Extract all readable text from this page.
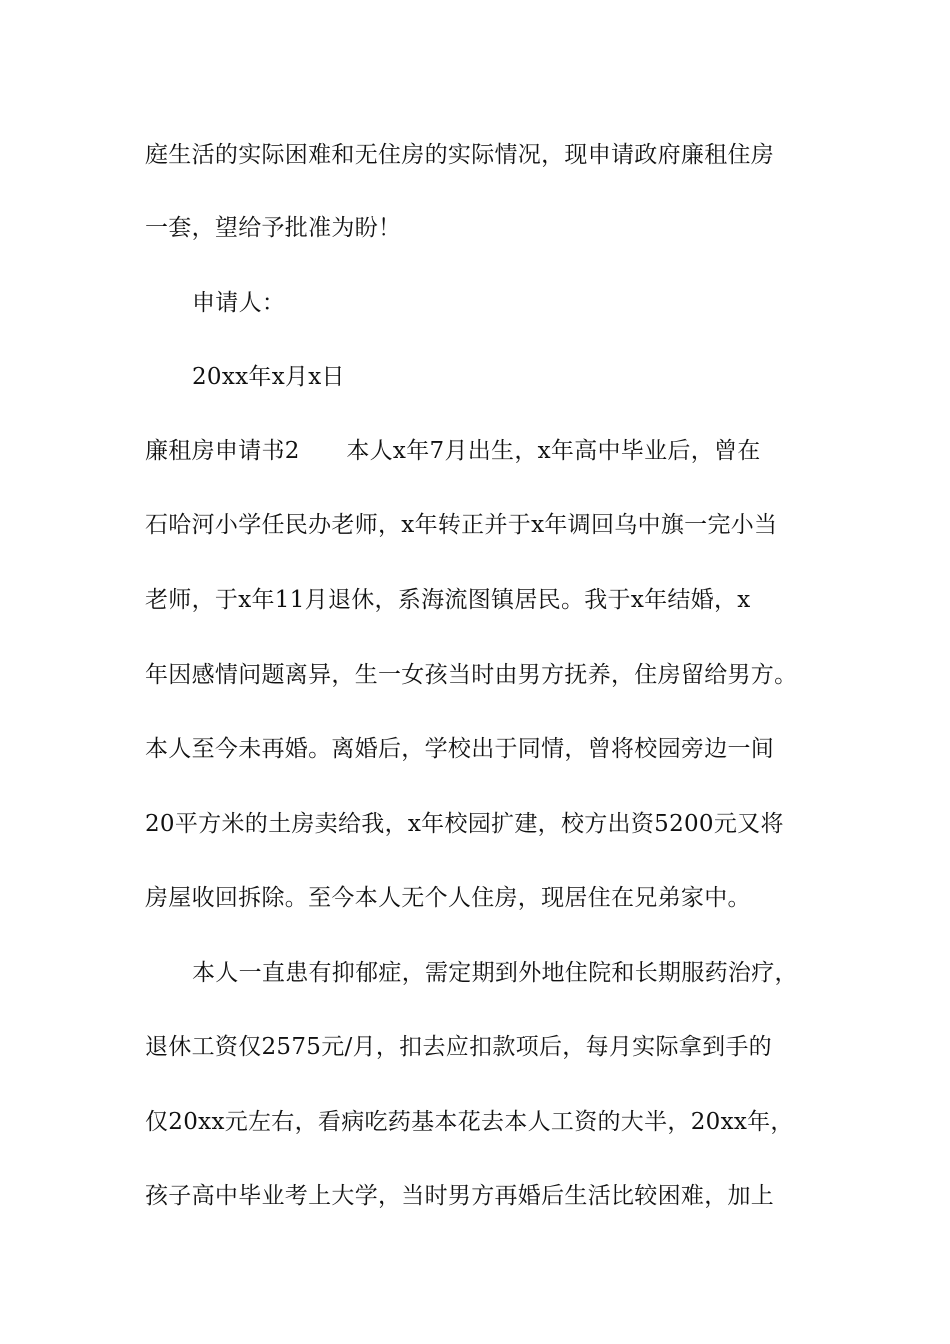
庭生活的实际困难和无住房的实际情况，现申请政府廉租住房
一套，望给予批准为盼！
申请人：
20xx年x月x日
廉租房申请书2　　本人x年7月出生，x年高中毕业后，曾在
石哈河小学任民办老师，x年转正并于x年调回乌中旗一完小当
老师，于x年11月退休，系海流图镇居民。我于x年结婚，x
年因感情问题离异，生一女孩当时由男方抚养，住房留给男方。
本人至今未再婚。离婚后，学校出于同情，曾将校园旁边一间
20平方米的土房卖给我，x年校园扩建，校方出资5200元又将
房屋收回拆除。至今本人无个人住房，现居住在兄弟家中。
本人一直患有抑郁症，需定期到外地住院和长期服药治疗，
退休工资仅2575元/月，扣去应扣款项后，每月实际拿到手的
仅20xx元左右，看病吃药基本花去本人工资的大半，20xx年，
孩子高中毕业考上大学，当时男方再婚后生活比较困难，加上
